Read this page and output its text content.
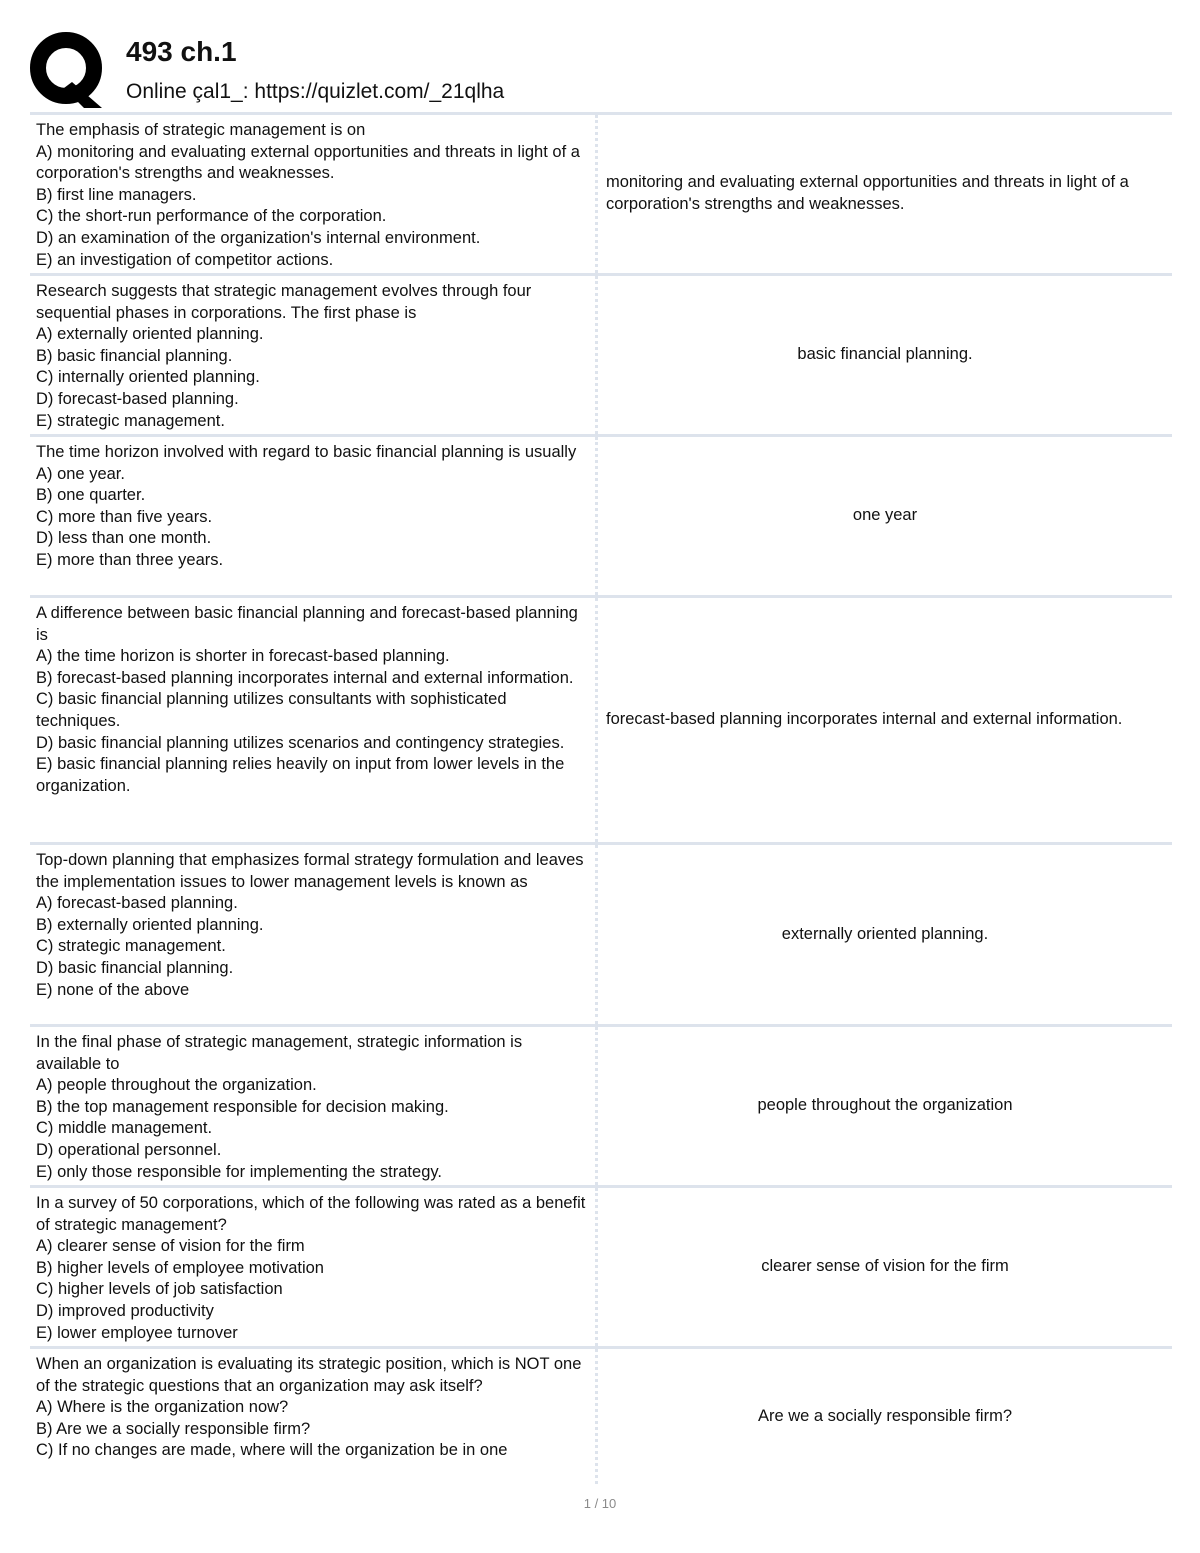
493 ch.1
Online çal1_: https://quizlet.com/_21qlha
The emphasis of strategic management is on
A) monitoring and evaluating external opportunities and threats in light of a corporation's strengths and weaknesses.
B) first line managers.
C) the short-run performance of the corporation.
D) an examination of the organization's internal environment.
E) an investigation of competitor actions.
monitoring and evaluating external opportunities and threats in light of a corporation's strengths and weaknesses.
Research suggests that strategic management evolves through four sequential phases in corporations. The first phase is
A) externally oriented planning.
B) basic financial planning.
C) internally oriented planning.
D) forecast-based planning.
E) strategic management.
basic financial planning.
The time horizon involved with regard to basic financial planning is usually
A) one year.
B) one quarter.
C) more than five years.
D) less than one month.
E) more than three years.
one year
A difference between basic financial planning and forecast-based planning is
A) the time horizon is shorter in forecast-based planning.
B) forecast-based planning incorporates internal and external information.
C) basic financial planning utilizes consultants with sophisticated techniques.
D) basic financial planning utilizes scenarios and contingency strategies.
E) basic financial planning relies heavily on input from lower levels in the organization.
forecast-based planning incorporates internal and external information.
Top-down planning that emphasizes formal strategy formulation and leaves the implementation issues to lower management levels is known as
A) forecast-based planning.
B) externally oriented planning.
C) strategic management.
D) basic financial planning.
E) none of the above
externally oriented planning.
In the final phase of strategic management, strategic information is available to
A) people throughout the organization.
B) the top management responsible for decision making.
C) middle management.
D) operational personnel.
E) only those responsible for implementing the strategy.
people throughout the organization
In a survey of 50 corporations, which of the following was rated as a benefit of strategic management?
A) clearer sense of vision for the firm
B) higher levels of employee motivation
C) higher levels of job satisfaction
D) improved productivity
E) lower employee turnover
clearer sense of vision for the firm
When an organization is evaluating its strategic position, which is NOT one of the strategic questions that an organization may ask itself?
A) Where is the organization now?
B) Are we a socially responsible firm?
C) If no changes are made, where will the organization be in one
Are we a socially responsible firm?
1 / 10
